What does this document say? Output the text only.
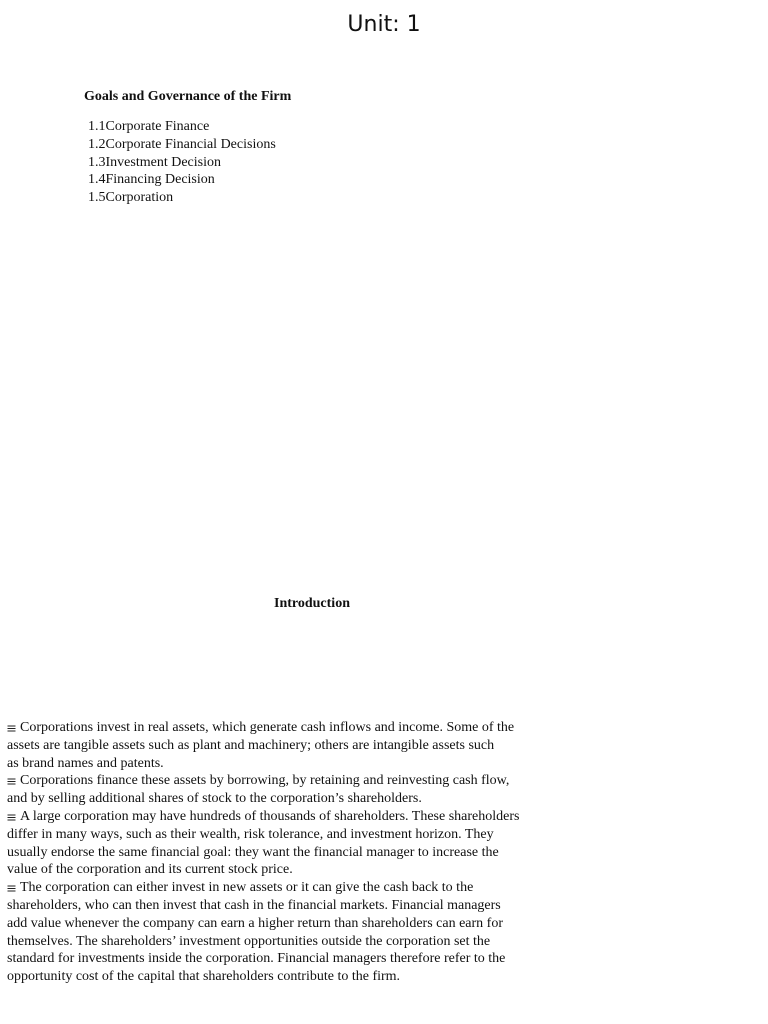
Unit: 1
Goals and Governance of the Firm
1.1Corporate Finance
1.2Corporate Financial Decisions
1.3Investment Decision
1.4Financing Decision
1.5Corporation
Introduction

Corporations invest in real assets, which generate cash inflows and income. Some of the
assets are tangible assets such as plant and machinery; others are intangible assets such
as brand names and patents.

Corporations finance these assets by borrowing, by retaining and reinvesting cash flow,
and by selling additional shares of stock to the corporation’s shareholders.

A large corporation may have hundreds of thousands of shareholders. These shareholders
differ in many ways, such as their wealth, risk tolerance, and investment horizon. They
usually endorse the same financial goal: they want the financial manager to increase the
value of the corporation and its current stock price.

The corporation can either invest in new assets or it can give the cash back to the
shareholders, who can then invest that cash in the financial markets. Financial managers
add value whenever the company can earn a higher return than shareholders can earn for
themselves. The shareholders’ investment opportunities outside the corporation set the
standard for investments inside the corporation. Financial managers therefore refer to the
opportunity cost of the capital that shareholders contribute to the firm.
